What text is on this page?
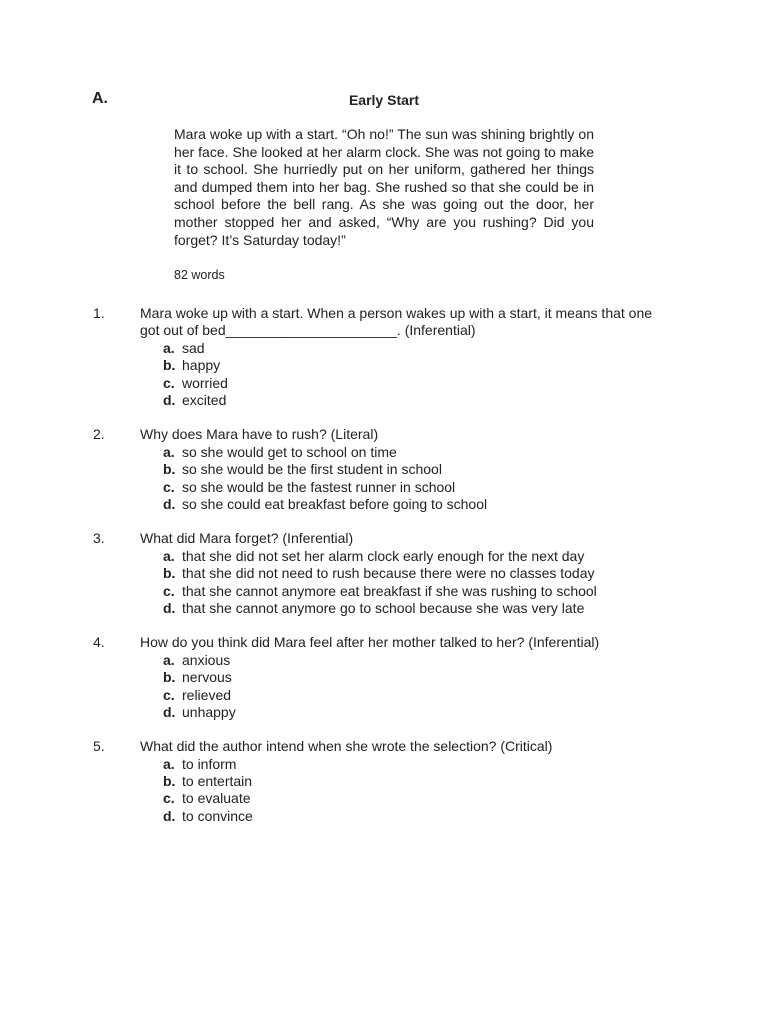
A.	Early Start

Mara woke up with a start. “Oh no!” The sun was shining brightly on her face. She looked at her alarm clock. She was not going to make it to school. She hurriedly put on her uniform, gathered her things and dumped them into her bag. She rushed so that she could be in school before the bell rang. As she was going out the door, her mother stopped her and asked, “Why are you rushing? Did you forget? It’s Saturday today!”

82 words

1.	Mara woke up with a start. When a person wakes up with a start, it means that one got out of bed______________________. (Inferential)
a. sad
b. happy
c. worried
d. excited
2.	Why does Mara have to rush? (Literal)
a. so she would get to school on time
b. so she would be the first student in school
c. so she would be the fastest runner in school
d. so she could eat breakfast before going to school
3.	What did Mara forget? (Inferential)
a. that she did not set her alarm clock early enough for the next day
b. that she did not need to rush because there were no classes today
c. that she cannot anymore eat breakfast if she was rushing to school
d. that she cannot anymore go to school because she was very late
4.	How do you think did Mara feel after her mother talked to her? (Inferential)
a. anxious
b. nervous
c. relieved
d. unhappy
5.	What did the author intend when she wrote the selection? (Critical)
a. to inform
b. to entertain
c. to evaluate
d. to convince
